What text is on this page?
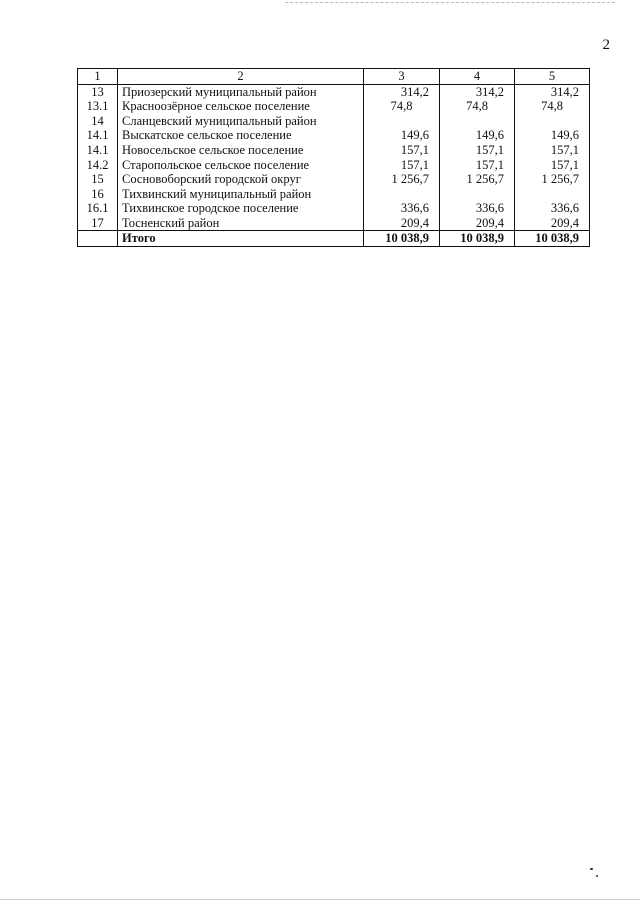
2
1	2	3	4	5
13	Приозерский муниципальный район	314,2	314,2	314,2
13.1	Красноозёрное сельское поселение	74,8	74,8	74,8
14	Сланцевский муниципальный район			
14.1	Выскатское сельское поселение	149,6	149,6	149,6
14.1	Новосельское сельское поселение	157,1	157,1	157,1
14.2	Старопольское сельское поселение	157,1	157,1	157,1
15	Сосновоборский городской округ	1 256,7	1 256,7	1 256,7
16	Тихвинский муниципальный район			
16.1	Тихвинское городское поселение	336,6	336,6	336,6
17	Тосненский район	209,4	209,4	209,4
	Итого	10 038,9	10 038,9	10 038,9
